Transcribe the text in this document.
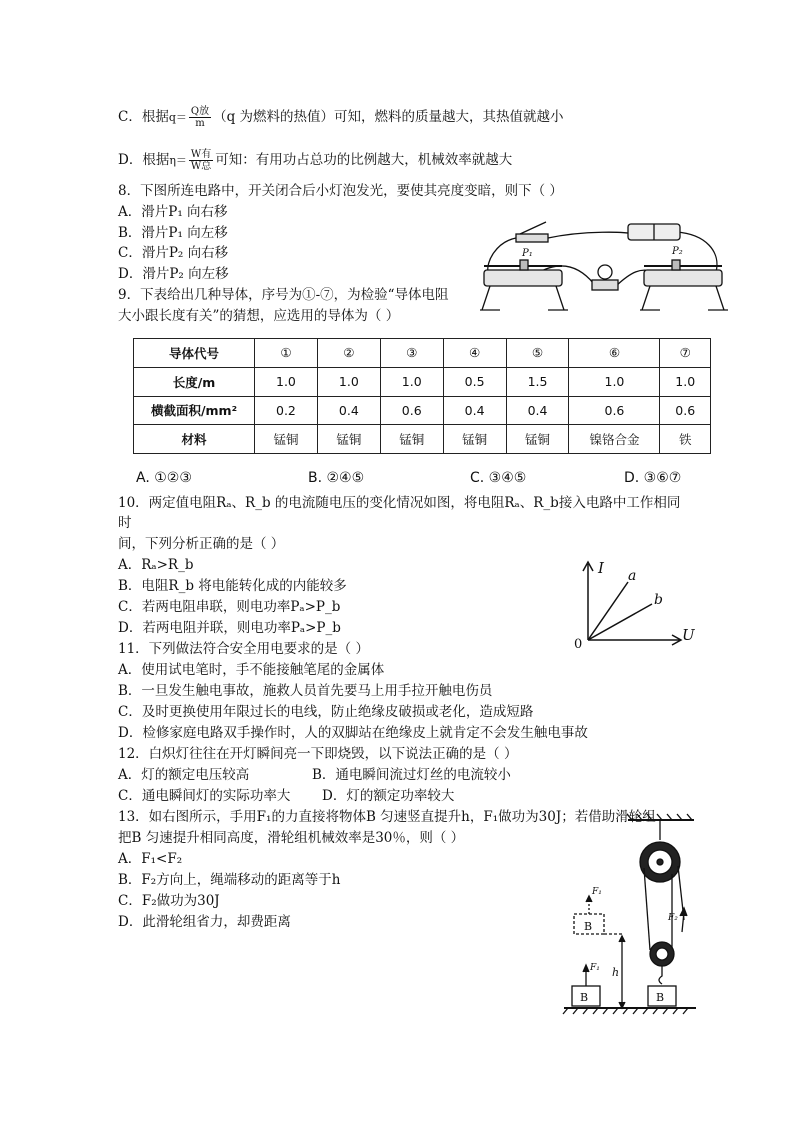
C．根据$q= \frac{\text{Q放}}{m} (q$ 为燃料的热值）可知，燃料的质量越大，其热值就越小
D．根据$\eta= \frac{\text{W有}}{\text{W总}}$ 可知：有用功占总功的比例越大，机械效率就越大
8．下图所连电路中，开关闭合后小灯泡发光，要使其亮度变暗，则下（ ）
A．滑片P₁ 向右移
B．滑片P₁ 向左移
C．滑片P₂ 向右移
D．滑片P₂ 向左移
P₁	P₂
9．下表给出几种导体，序号为①-⑦，为检验“导体电阻
大小跟长度有关”的猜想，应选用的导体为（ ）
导体代号	①	②	③	④	⑤	⑥	⑦
长度/m	1.0	1.0	1.0	0.5	1.5	1.0	1.0
横截面积/mm²	0.2	0.4	0.6	0.4	0.4	0.6	0.6
材料	锰铜	锰铜	锰铜	锰铜	锰铜	镍铬合金	铁
A. ①②③	B. ②④⑤	C. ③④⑤	D. ③⑥⑦
10．两定值电阻Rₐ、R_b 的电流随电压的变化情况如图，将电阻Rₐ、R_b接入电路中工作相同
时
间，下列分析正确的是（ ）
A．Rₐ>R_b
B．电阻R_b 将电能转化成的内能较多
C．若两电阻串联，则电功率Pₐ>P_b
D．若两电阻并联，则电功率Pₐ>P_b
I
U
0
a
b
11．下列做法符合安全用电要求的是（ ）
A．使用试电笔时，手不能接触笔尾的金属体
B．一旦发生触电事故，施救人员首先要马上用手拉开触电伤员
C．及时更换使用年限过长的电线，防止绝缘皮破损或老化，造成短路
D．检修家庭电路双手操作时，人的双脚站在绝缘皮上就肯定不会发生触电事故
12．白炽灯往往在开灯瞬间亮一下即烧毁，以下说法正确的是（ ）
A．灯的额定电压较高	B．通电瞬间流过灯丝的电流较小
C．通电瞬间灯的实际功率大 D．灯的额定功率较大
13．如右图所示，手用F₁的力直接将物体B 匀速竖直提升h，F₁做功为30J；若借助滑轮组
把B 匀速提升相同高度，滑轮组机械效率是30％，则（ ）
A．F₁<F₂
B．F₂方向上，绳端移动的距离等于h
C．F₂做功为30J
D．此滑轮组省力，却费距离	B
B	B
F₁
F₁
F₂
h
